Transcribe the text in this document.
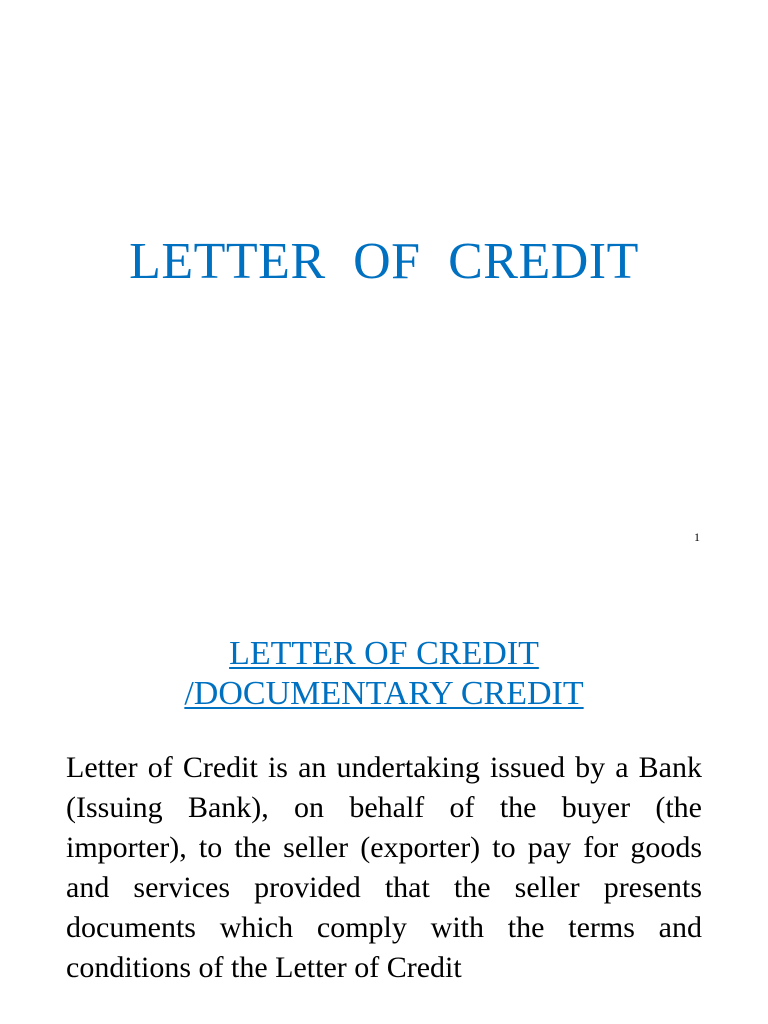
LETTER OF CREDIT
1
LETTER OF CREDIT
/DOCUMENTARY CREDIT
Letter of Credit is an undertaking issued by a Bank (Issuing Bank), on behalf of the buyer (the importer), to the seller (exporter) to pay for goods and services provided that the seller presents documents which comply with the terms and conditions of the Letter of Credit
